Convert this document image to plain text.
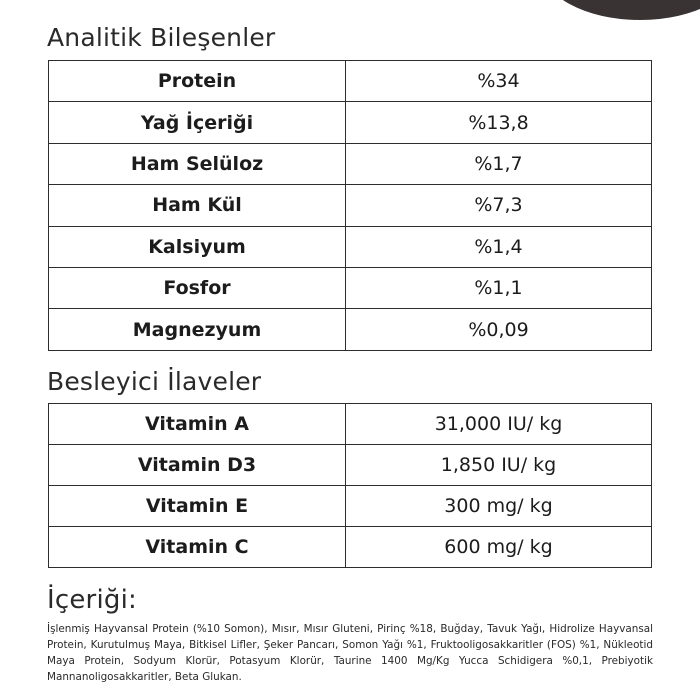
Analitik Bileşenler
Protein	%34
Yağ İçeriği	%13,8
Ham Selüloz	%1,7
Ham Kül	%7,3
Kalsiyum	%1,4
Fosfor	%1,1
Magnezyum	%0,09
Besleyici İlaveler
Vitamin A	31,000 IU/ kg
Vitamin D3	1,850 IU/ kg
Vitamin E	300 mg/ kg
Vitamin C	600 mg/ kg
İçeriği:

İşlenmiş Hayvansal Protein (%10 Somon), Mısır, Mısır Gluteni, Pirinç %18, Buğday, Tavuk Yağı, Hidrolize Hayvansal Protein, Kurutulmuş Maya, Bitkisel Lifler, Şeker Pancarı, Somon Yağı %1, Fruktooligosakkaritler (FOS) %1, Nükleotid Maya Protein, Sodyum Klorür, Potasyum Klorür, Taurine 1400 Mg/Kg Yucca Schidigera %0,1, Prebiyotik Mannanoligosakkaritler, Beta Glukan.
